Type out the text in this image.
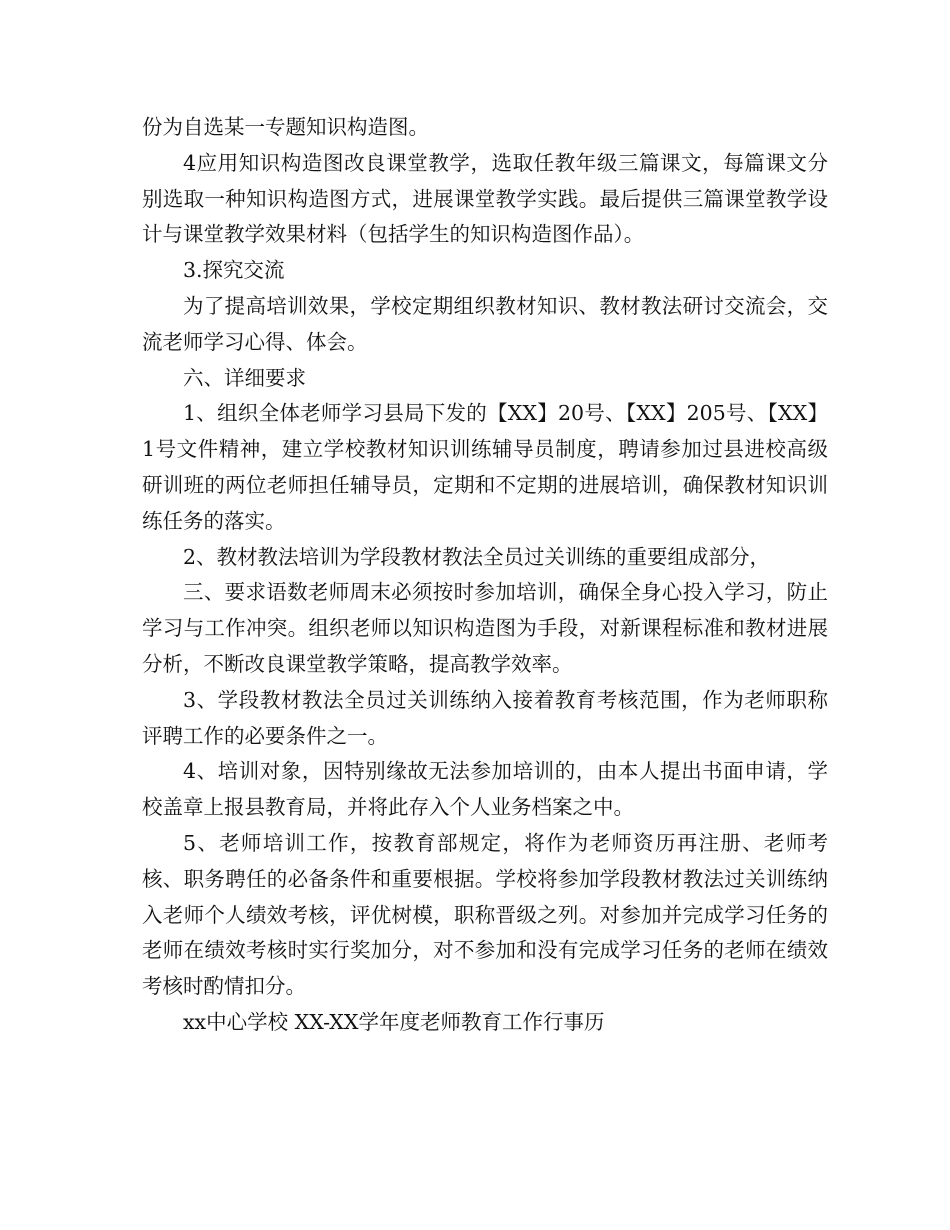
份为自选某一专题知识构造图。

4应用知识构造图改良课堂教学，选取任教年级三篇课文，每篇课文分别选取一种知识构造图方式，进展课堂教学实践。最后提供三篇课堂教学设计与课堂教学效果材料（包括学生的知识构造图作品）。

3.探究交流

为了提高培训效果，学校定期组织教材知识、教材教法研讨交流会，交流老师学习心得、体会。

六、详细要求

1、组织全体老师学习县局下发的【XX】20号、【XX】205号、【XX】1号文件精神，建立学校教材知识训练辅导员制度，聘请参加过县进校高级研训班的两位老师担任辅导员，定期和不定期的进展培训，确保教材知识训练任务的落实。

2、教材教法培训为学段教材教法全员过关训练的重要组成部分，

三、要求语数老师周末必须按时参加培训，确保全身心投入学习，防止学习与工作冲突。组织老师以知识构造图为手段，对新课程标准和教材进展分析，不断改良课堂教学策略，提高教学效率。

3、学段教材教法全员过关训练纳入接着教育考核范围，作为老师职称评聘工作的必要条件之一。

4、培训对象，因特别缘故无法参加培训的，由本人提出书面申请，学校盖章上报县教育局，并将此存入个人业务档案之中。

5、老师培训工作，按教育部规定，将作为老师资历再注册、老师考核、职务聘任的必备条件和重要根据。学校将参加学段教材教法过关训练纳入老师个人绩效考核，评优树模，职称晋级之列。对参加并完成学习任务的老师在绩效考核时实行奖加分，对不参加和没有完成学习任务的老师在绩效考核时酌情扣分。

xx中心学校 XX-XX学年度老师教育工作行事历
